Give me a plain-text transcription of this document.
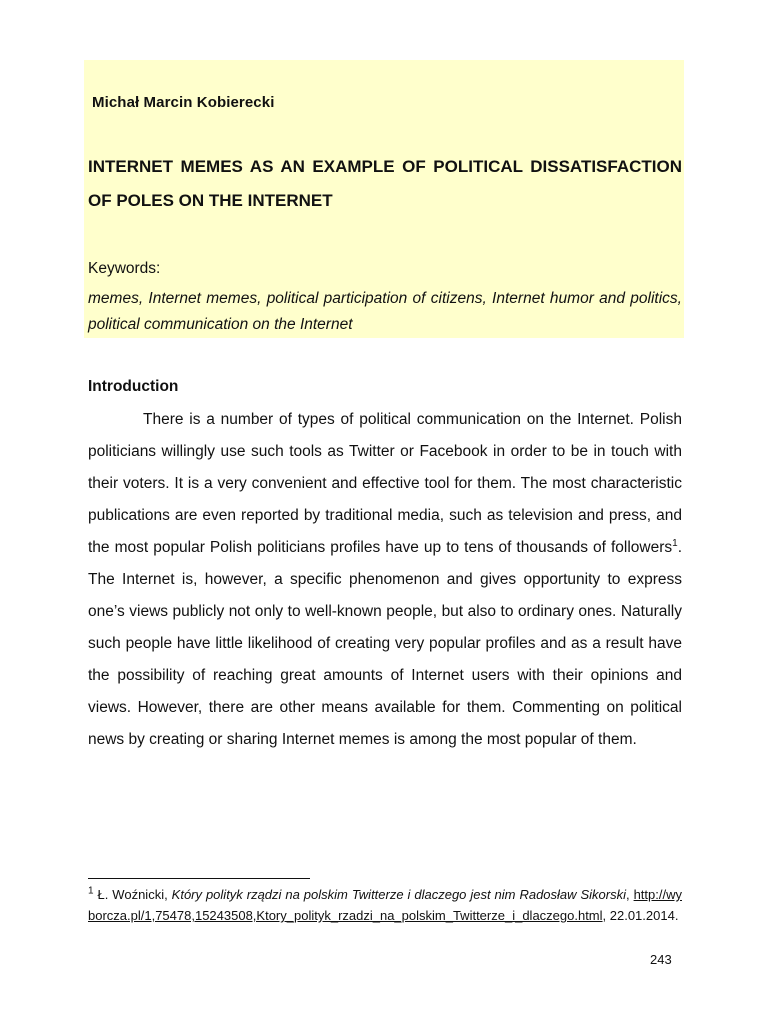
Michał Marcin Kobierecki
INTERNET MEMES AS AN EXAMPLE OF POLITICAL DISSATISFACTION OF POLES ON THE INTERNET
Keywords:
memes, Internet memes, political participation of citizens, Internet humor and politics, political communication on the Internet
Introduction

There is a number of types of political communication on the Internet. Polish politicians willingly use such tools as Twitter or Facebook in order to be in touch with their voters. It is a very convenient and effective tool for them. The most characteristic publications are even reported by traditional media, such as television and press, and the most popular Polish politicians profiles have up to tens of thousands of followers$^1$. The Internet is, however, a specific phenomenon and gives opportunity to express one’s views publicly not only to well-known people, but also to ordinary ones. Naturally such people have little likelihood of creating very popular profiles and as a result have the possibility of reaching great amounts of Internet users with their opinions and views. However, there are other means available for them. Commenting on political news by creating or sharing Internet memes is among the most popular of them.

$^1$ Ł. Woźnicki, Który polityk rządzi na polskim Twitterze i dlaczego jest nim Radosław Sikorski, http://wyborcza.pl/1,75478,15243508,Ktory_polityk_rzadzi_na_polskim_Twitterze_i_dlaczego.html, 22.01.2014.
243
